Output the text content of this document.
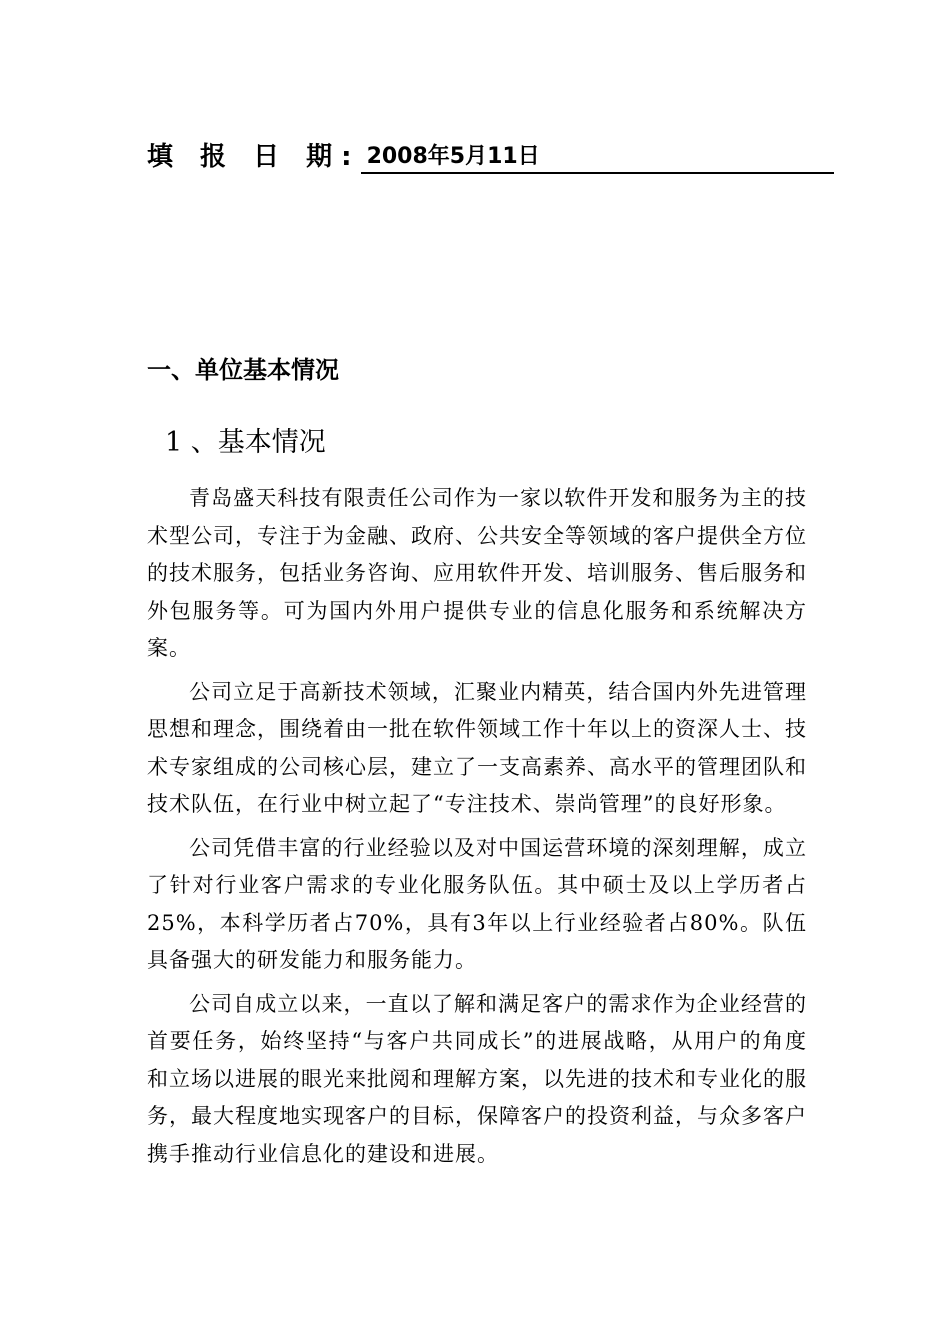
填 报 日 期: 2008年5月11日
一、单位基本情况
1 、基本情况

青岛盛天科技有限责任公司作为一家以软件开发和服务为主的技术型公司，专注于为金融、政府、公共安全等领域的客户提供全方位的技术服务，包括业务咨询、应用软件开发、培训服务、售后服务和外包服务等。可为国内外用户提供专业的信息化服务和系统解决方案。

公司立足于高新技术领域，汇聚业内精英，结合国内外先进管理思想和理念，围绕着由一批在软件领域工作十年以上的资深人士、技术专家组成的公司核心层，建立了一支高素养、高水平的管理团队和技术队伍，在行业中树立起了“专注技术、崇尚管理”的良好形象。

公司凭借丰富的行业经验以及对中国运营环境的深刻理解，成立了针对行业客户需求的专业化服务队伍。其中硕士及以上学历者占25%，本科学历者占70%，具有3年以上行业经验者占80%。队伍具备强大的研发能力和服务能力。

公司自成立以来，一直以了解和满足客户的需求作为企业经营的首要任务，始终坚持“与客户共同成长”的进展战略，从用户的角度和立场以进展的眼光来批阅和理解方案，以先进的技术和专业化的服务，最大程度地实现客户的目标，保障客户的投资利益，与众多客户携手推动行业信息化的建设和进展。
